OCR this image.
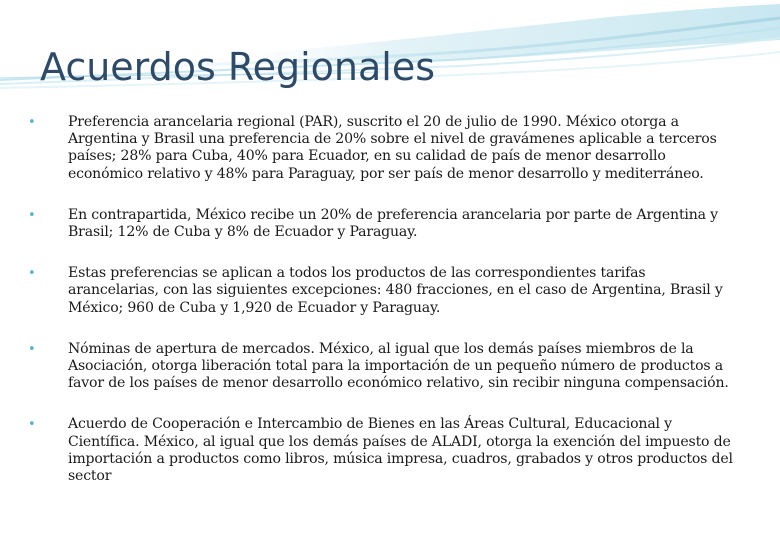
Acuerdos Regionales
• Preferencia arancelaria regional (PAR), suscrito el 20 de julio de 1990. México otorga a Argentina y Brasil una preferencia de 20% sobre el nivel de gravámenes aplicable a terceros países; 28% para Cuba, 40% para Ecuador, en su calidad de país de menor desarrollo económico relativo y 48% para Paraguay, por ser país de menor desarrollo y mediterráneo.
• En contrapartida, México recibe un 20% de preferencia arancelaria por parte de Argentina y Brasil; 12% de Cuba y 8% de Ecuador y Paraguay.
• Estas preferencias se aplican a todos los productos de las correspondientes tarifas arancelarias, con las siguientes excepciones: 480 fracciones, en el caso de Argentina, Brasil y México; 960 de Cuba y 1,920 de Ecuador y Paraguay.
• Nóminas de apertura de mercados. México, al igual que los demás países miembros de la Asociación, otorga liberación total para la importación de un pequeño número de productos a favor de los países de menor desarrollo económico relativo, sin recibir ninguna compensación.
• Acuerdo de Cooperación e Intercambio de Bienes en las Áreas Cultural, Educacional y Científica. México, al igual que los demás países de ALADI, otorga la exención del impuesto de importación a productos como libros, música impresa, cuadros, grabados y otros productos del sector
